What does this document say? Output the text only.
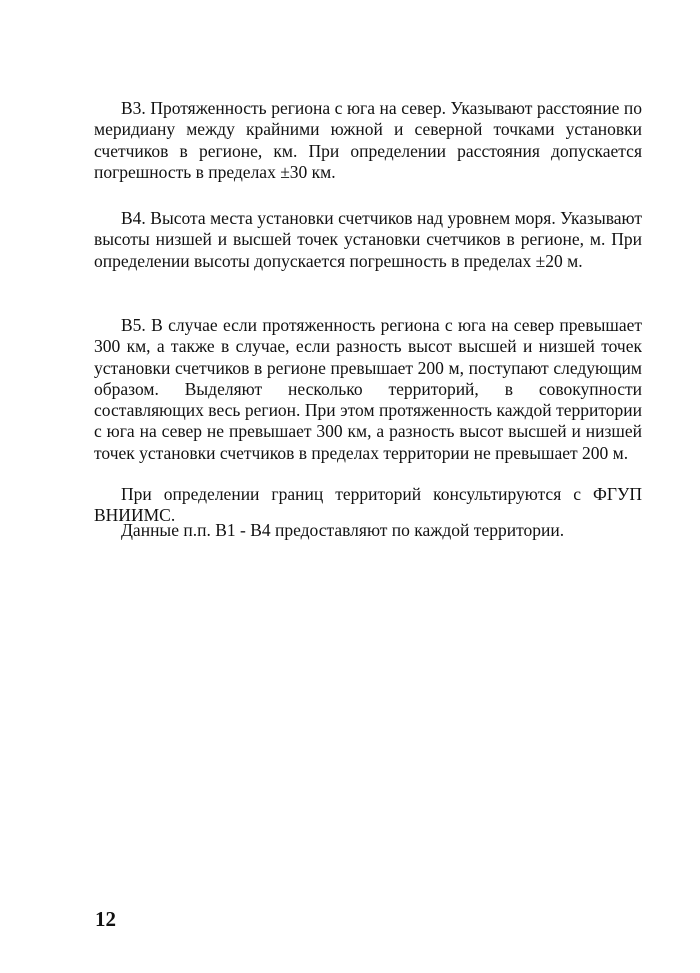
В3. Протяженность региона с юга на север. Указывают расстояние по меридиану между крайними южной и северной точками установки счетчиков в регионе, км. При определении расстояния допускается погрешность в пределах ±30 км.

В4. Высота места установки счетчиков над уровнем моря. Указывают высоты низшей и высшей точек установки счетчиков в регионе, м. При определении высоты допускается погрешность в пределах ±20 м.

В5. В случае если протяженность региона с юга на север превышает 300 км, а также в случае, если разность высот высшей и низшей точек установки счетчиков в регионе превышает 200 м, поступают следующим образом. Выделяют несколько территорий, в совокупности составляющих весь регион. При этом протяженность каждой территории с юга на север не превышает 300 км, а разность высот высшей и низшей точек установки счетчиков в пределах территории не превышает 200 м.

При определении границ территорий консультируются с ФГУП ВНИИМС.

Данные п.п. В1 - В4 предоставляют по каждой территории.

12
